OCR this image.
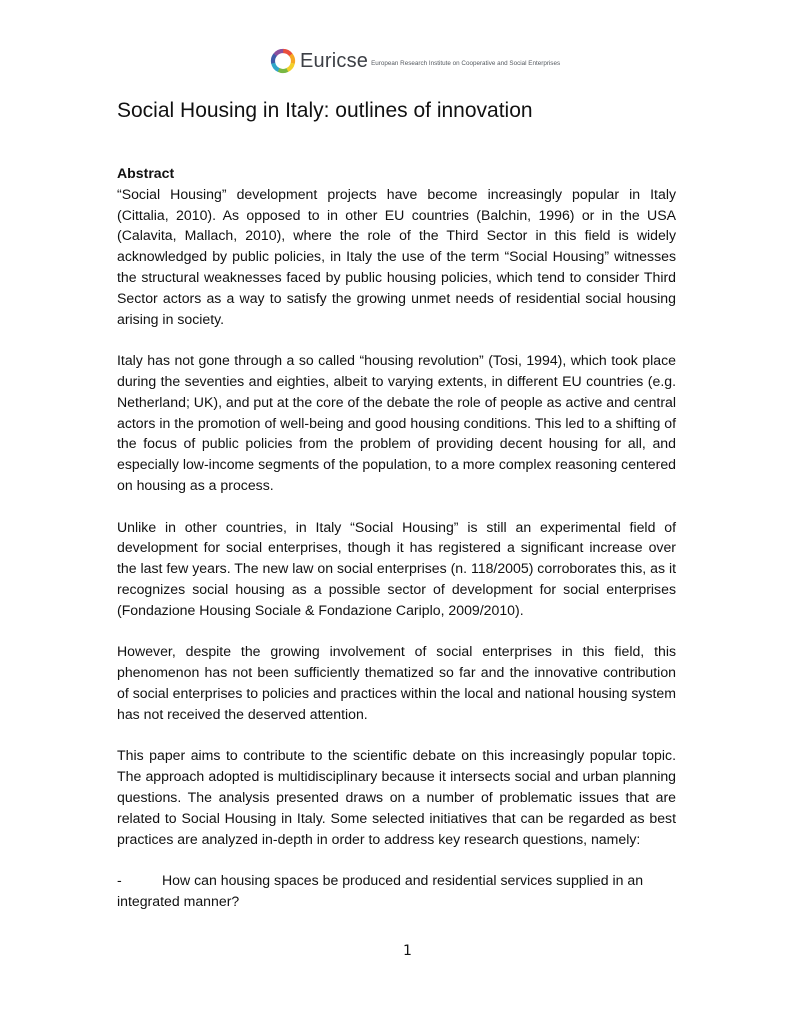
Euricse European Research Institute on Cooperative and Social Enterprises
Social Housing in Italy: outlines of innovation

Abstract

“Social Housing” development projects have become increasingly popular in Italy (Cittalia, 2010). As opposed to in other EU countries (Balchin, 1996) or in the USA (Calavita, Mallach, 2010), where the role of the Third Sector in this field is widely acknowledged by public policies, in Italy the use of the term “Social Housing” witnesses the structural weaknesses faced by public housing policies, which tend to consider Third Sector actors as a way to satisfy the growing unmet needs of residential social housing arising in society.

Italy has not gone through a so called “housing revolution” (Tosi, 1994), which took place during the seventies and eighties, albeit to varying extents, in different EU countries (e.g. Netherland; UK), and put at the core of the debate the role of people as active and central actors in the promotion of well-being and good housing conditions. This led to a shifting of the focus of public policies from the problem of providing decent housing for all, and especially low-income segments of the population, to a more complex reasoning centered on housing as a process.

Unlike in other countries, in Italy “Social Housing” is still an experimental field of development for social enterprises, though it has registered a significant increase over the last few years. The new law on social enterprises (n. 118/2005) corroborates this, as it recognizes social housing as a possible sector of development for social enterprises (Fondazione Housing Sociale & Fondazione Cariplo, 2009/2010).

However, despite the growing involvement of social enterprises in this field, this phenomenon has not been sufficiently thematized so far and the innovative contribution of social enterprises to policies and practices within the local and national housing system has not received the deserved attention.

This paper aims to contribute to the scientific debate on this increasingly popular topic. The approach adopted is multidisciplinary because it intersects social and urban planning questions. The analysis presented draws on a number of problematic issues that are related to Social Housing in Italy. Some selected initiatives that can be regarded as best practices are analyzed in-depth in order to address key research questions, namely:

-	How can housing spaces be produced and residential services supplied in an

integrated manner?

1
